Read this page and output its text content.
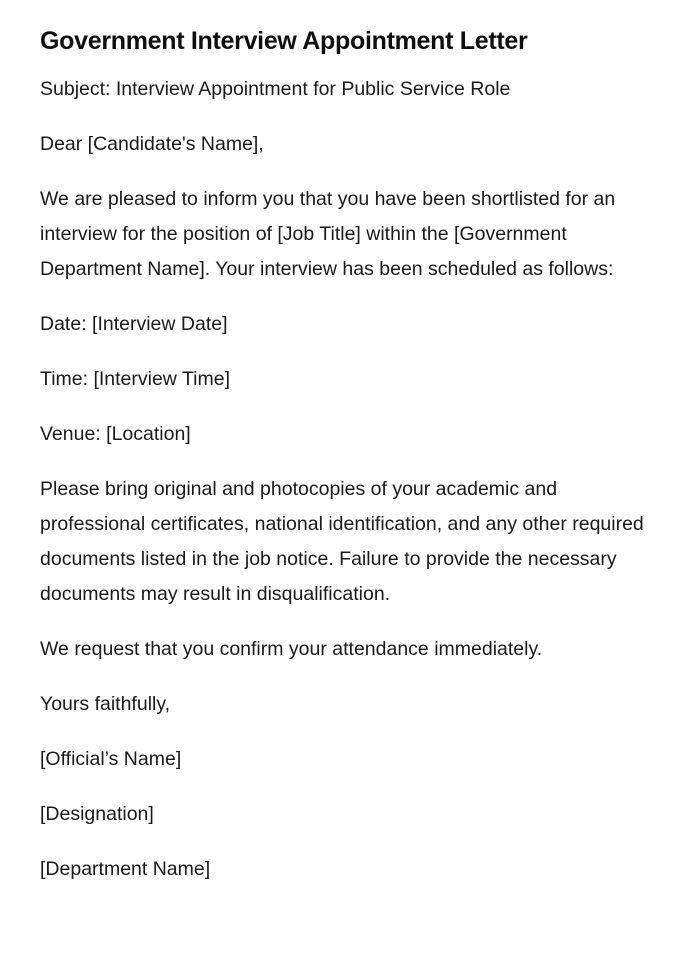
Government Interview Appointment Letter

Subject: Interview Appointment for Public Service Role

Dear [Candidate's Name],

We are pleased to inform you that you have been shortlisted for an interview for the position of [Job Title] within the [Government Department Name]. Your interview has been scheduled as follows:

Date: [Interview Date]

Time: [Interview Time]

Venue: [Location]

Please bring original and photocopies of your academic and professional certificates, national identification, and any other required documents listed in the job notice. Failure to provide the necessary documents may result in disqualification.

We request that you confirm your attendance immediately.

Yours faithfully,

[Official’s Name]

[Designation]

[Department Name]
